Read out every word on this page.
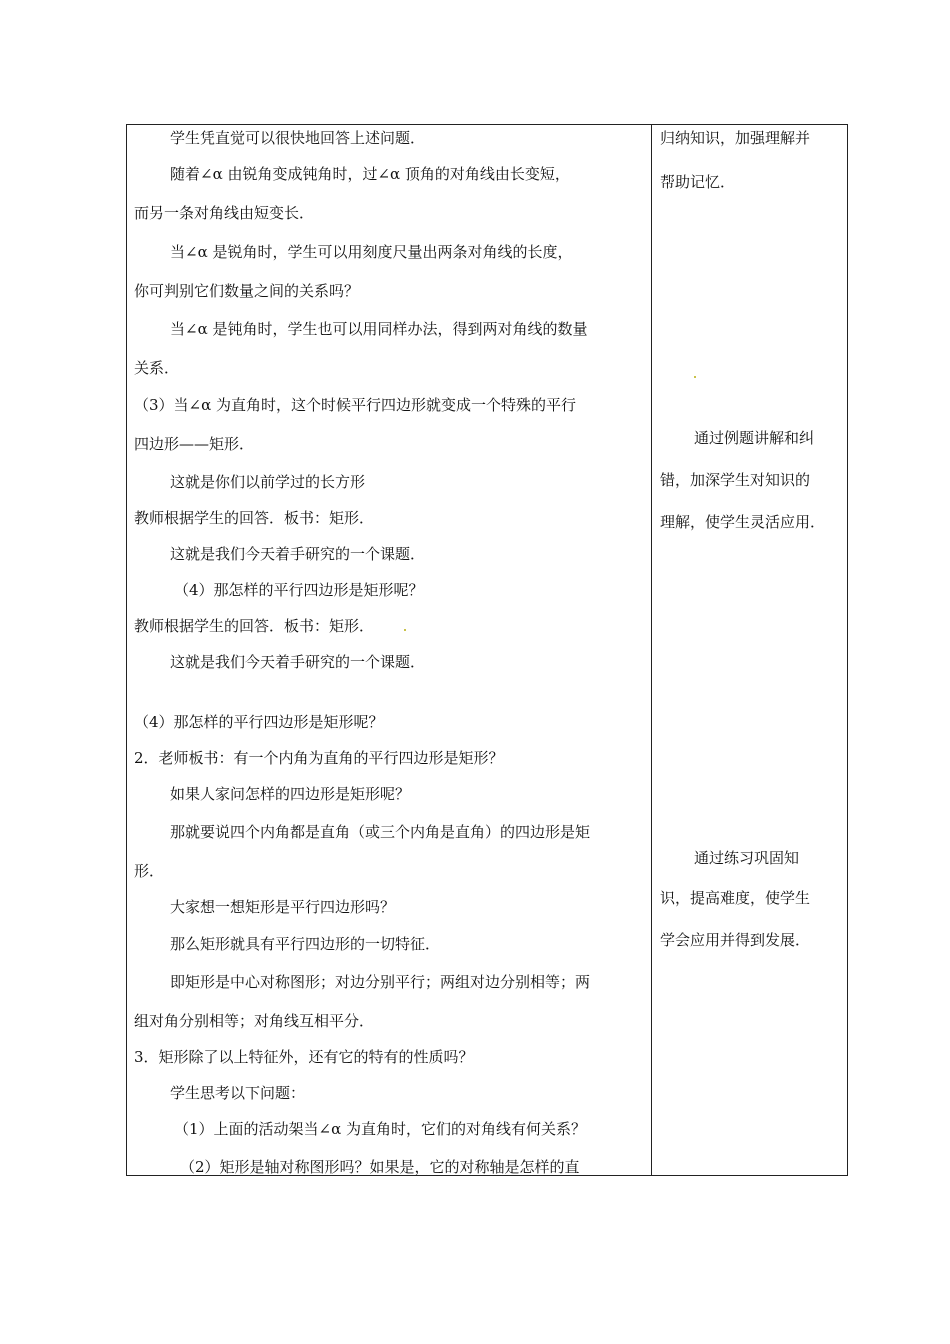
学生凭直觉可以很快地回答上述问题．
随着∠α 由锐角变成钝角时，过∠α 顶角的对角线由长变短，
而另一条对角线由短变长．
当∠α 是锐角时，学生可以用刻度尺量出两条对角线的长度，
你可判别它们数量之间的关系吗？
当∠α 是钝角时，学生也可以用同样办法，得到两对角线的数量
关系．
（3）当∠α 为直角时，这个时候平行四边形就变成一个特殊的平行
四边形——矩形．
这就是你们以前学过的长方形
教师根据学生的回答．板书：矩形．
这就是我们今天着手研究的一个课题．
（4）那怎样的平行四边形是矩形呢？
教师根据学生的回答．板书：矩形．
这就是我们今天着手研究的一个课题．
（4）那怎样的平行四边形是矩形呢？
2．老师板书：有一个内角为直角的平行四边形是矩形？
如果人家问怎样的四边形是矩形呢？
那就要说四个内角都是直角（或三个内角是直角）的四边形是矩
形．
大家想一想矩形是平行四边形吗？
那么矩形就具有平行四边形的一切特征．
即矩形是中心对称图形；对边分别平行；两组对边分别相等；两
组对角分别相等；对角线互相平分．
3．矩形除了以上特征外，还有它的特有的性质吗？
学生思考以下问题：
（1）上面的活动架当∠α 为直角时，它们的对角线有何关系？
（2）矩形是轴对称图形吗？如果是，它的对称轴是怎样的直
归纳知识，加强理解并
帮助记忆．
通过例题讲解和纠
错，加深学生对知识的
理解，使学生灵活应用．
通过练习巩固知
识，提高难度，使学生
学会应用并得到发展．
